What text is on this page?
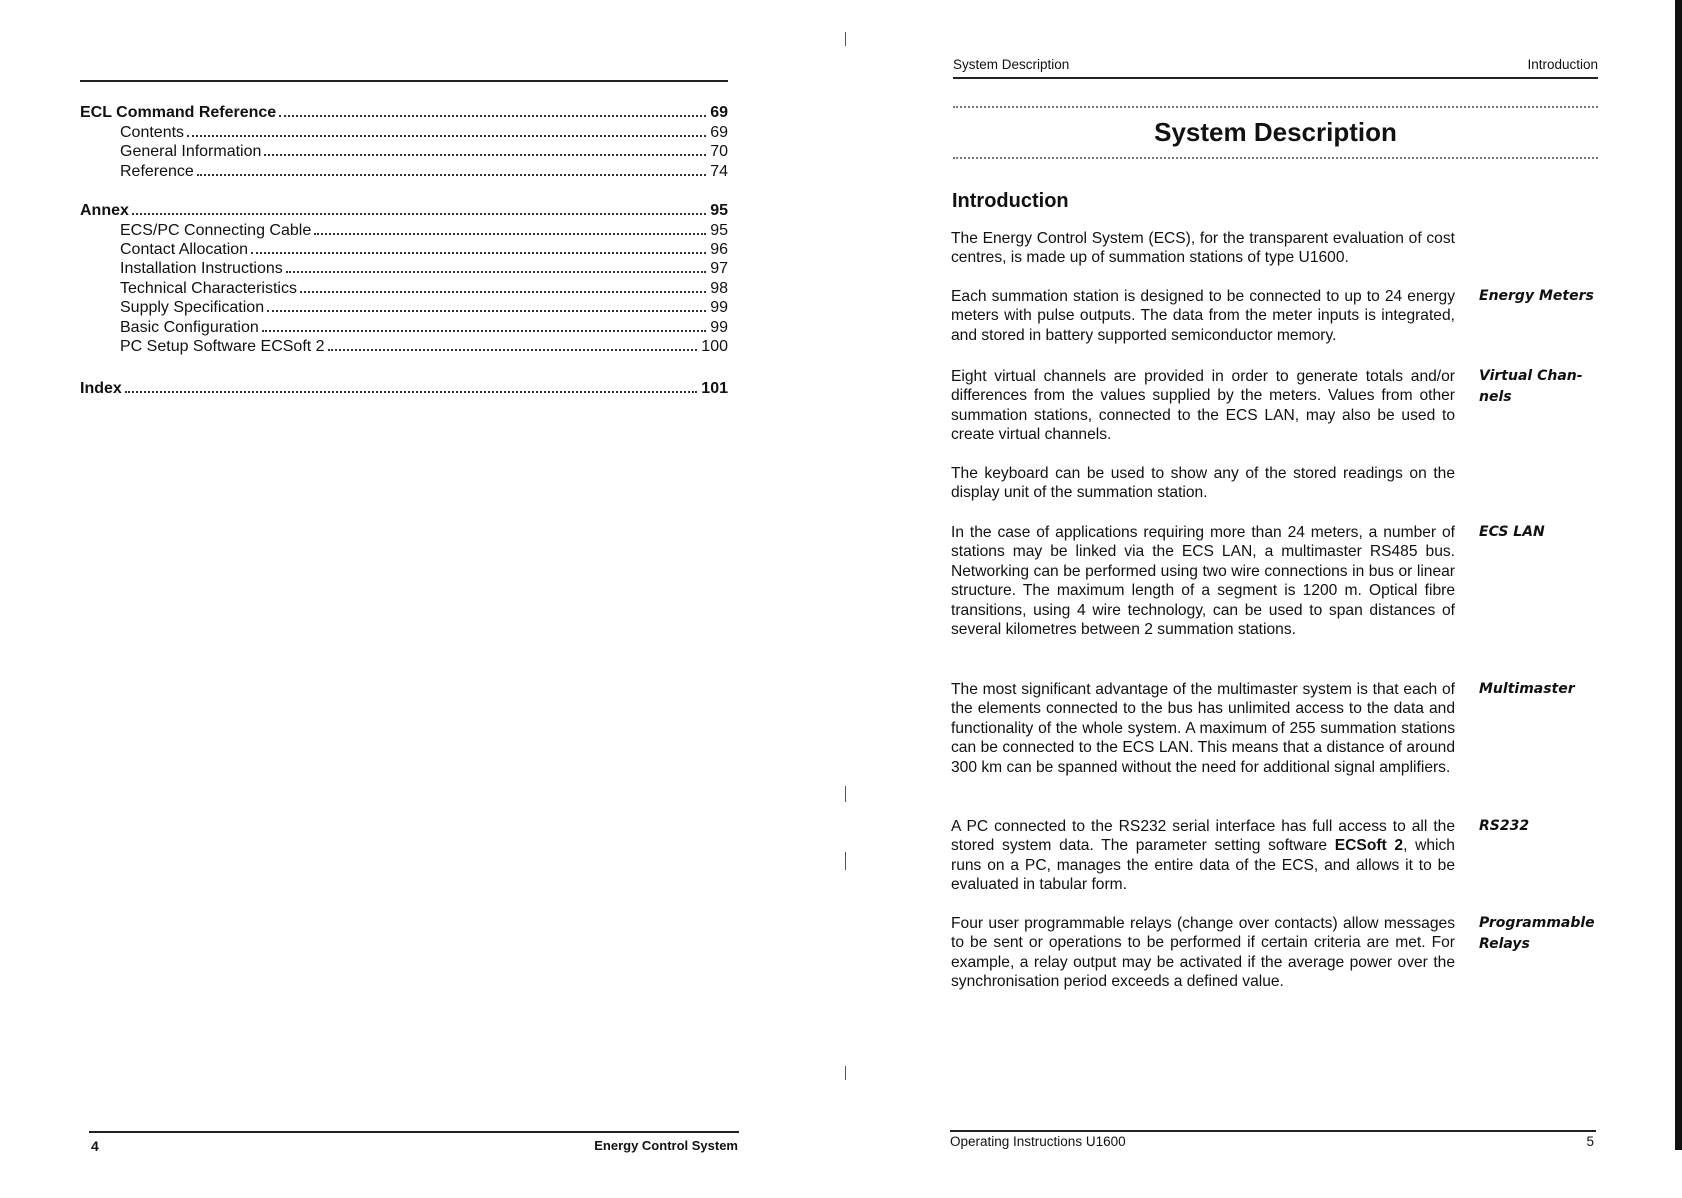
ECL Command Reference	69
Contents	69
General Information	70
Reference	74
Annex	95
ECS/PC Connecting Cable	95
Contact Allocation	96
Installation Instructions	97
Technical Characteristics	98
Supply Specification	99
Basic Configuration	99
PC Setup Software ECSoft 2	100
Index	101
4	Energy Control System
System Description	Introduction
System Description
Introduction
The Energy Control System (ECS), for the transparent evaluation of cost centres, is made up of summation stations of type U1600.
Each summation station is designed to be connected to up to 24 energy meters with pulse outputs. The data from the meter inputs is integrated, and stored in battery supported semiconductor memory.
Energy Meters
Eight virtual channels are provided in order to generate totals and/or differences from the values supplied by the meters. Values from other summation stations, connected to the ECS LAN, may also be used to create virtual channels.
Virtual Chan-nels
The keyboard can be used to show any of the stored readings on the display unit of the summation station.
In the case of applications requiring more than 24 meters, a number of stations may be linked via the ECS LAN, a multimaster RS485 bus. Networking can be performed using two wire connections in bus or linear structure. The maximum length of a segment is 1200 m. Optical fibre transitions, using 4 wire technology, can be used to span distances of several kilometres between 2 summation stations.
ECS LAN
The most significant advantage of the multimaster system is that each of the elements connected to the bus has unlimited access to the data and functionality of the whole system. A maximum of 255 summation stations can be connected to the ECS LAN. This means that a distance of around 300 km can be spanned without the need for additional signal amplifiers.
Multimaster
A PC connected to the RS232 serial interface has full access to all the stored system data. The parameter setting software ECSoft 2, which runs on a PC, manages the entire data of the ECS, and allows it to be evaluated in tabular form.
RS232
Four user programmable relays (change over contacts) allow messages to be sent or operations to be performed if certain criteria are met. For example, a relay output may be activated if the average power over the synchronisation period exceeds a defined value.
Programmable Relays
Operating Instructions U1600	5
